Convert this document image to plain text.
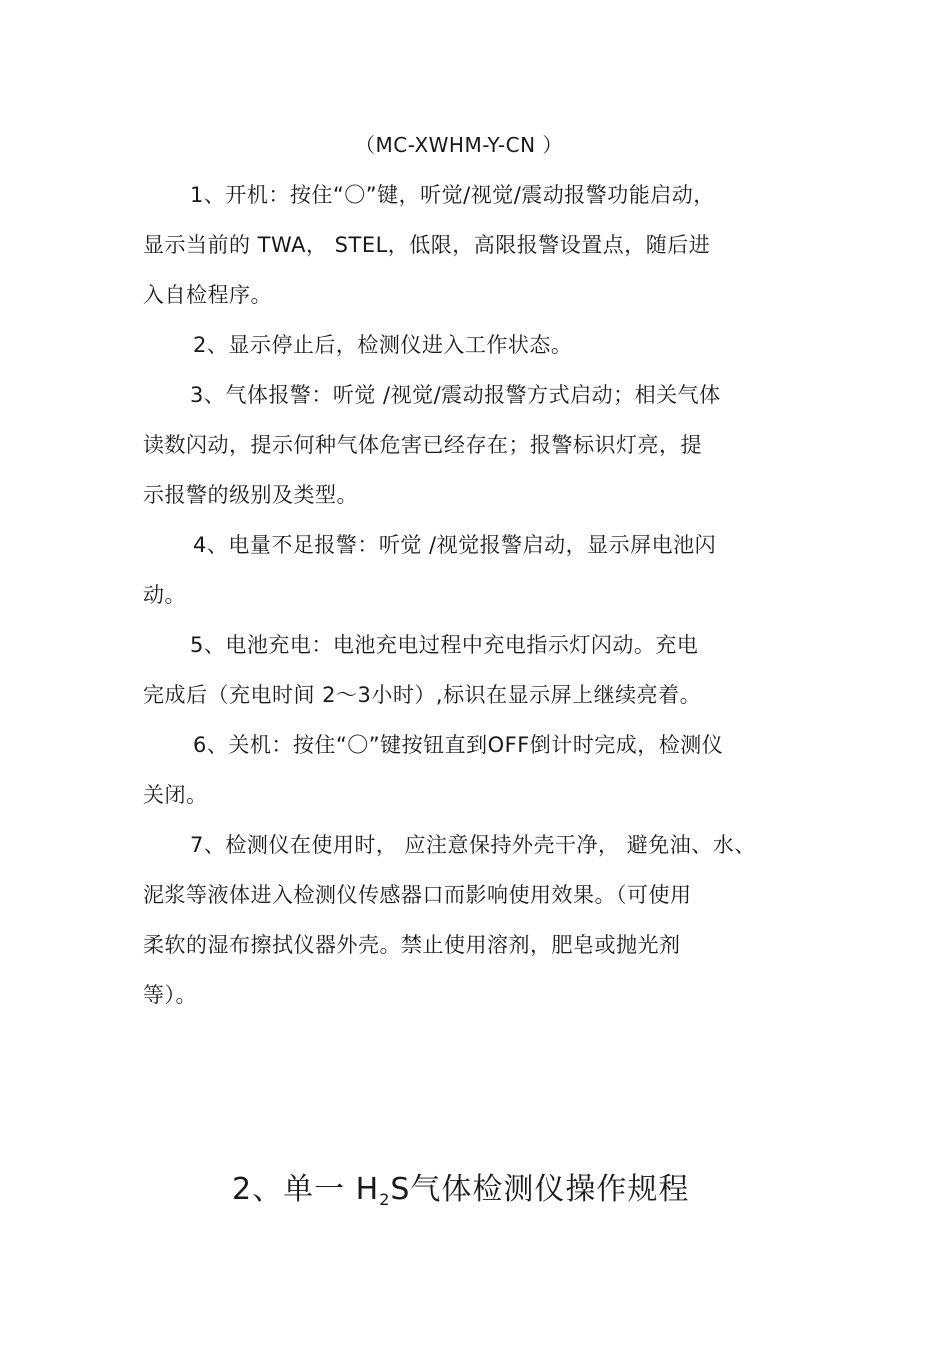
（MC-XWHM-Y-CN ）
1、开机：按住“〇”键，听觉/视觉/震动报警功能启动，
显示当前的 TWA， STEL，低限，高限报警设置点，随后进
入自检程序。
2、显示停止后，检测仪进入工作状态。
3、气体报警：听觉 /视觉/震动报警方式启动；相关气体
读数闪动，提示何种气体危害已经存在；报警标识灯亮，提
示报警的级别及类型。
4、电量不足报警：听觉 /视觉报警启动，显示屏电池闪
动。
5、电池充电：电池充电过程中充电指示灯闪动。充电
完成后（充电时间 2～3小时）,标识在显示屏上继续亮着。
6、关机：按住“〇”键按钮直到OFF倒计时完成，检测仪
关闭。
7、检测仪在使用时， 应注意保持外壳干净， 避免油、水、
泥浆等液体进入检测仪传感器口而影响使用效果。（可使用
柔软的湿布擦拭仪器外壳。禁止使用溶剂，肥皂或抛光剂
等）。
2、单一 $H_2S$气体检测仪操作规程
